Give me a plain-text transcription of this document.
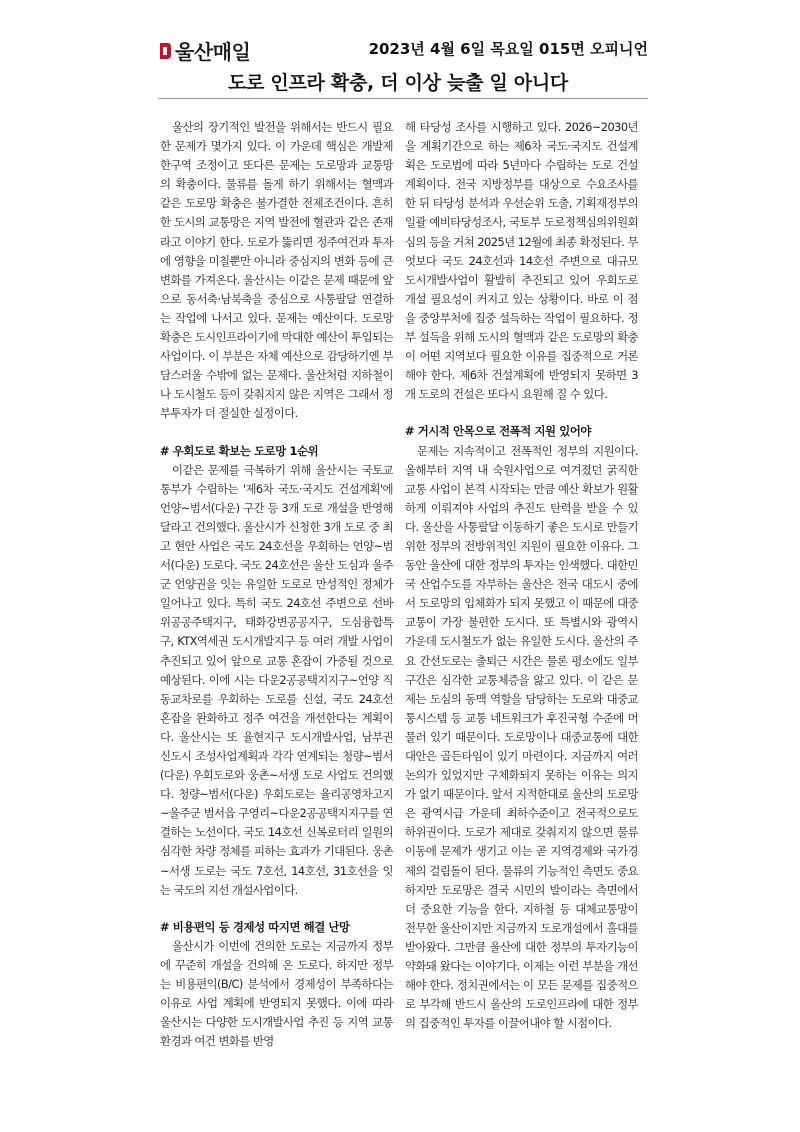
울산매일	2023년 4월 6일 목요일 015면 오피니언
도로 인프라 확충, 더 이상 늦출 일 아니다

울산의 장기적인 발전을 위해서는 반드시 필요한 문제가 몇가지 있다. 이 가운데 핵심은 개발제한구역 조정이고 또다른 문제는 도로망과 교통망의 확충이다. 물류를 돌게 하기 위해서는 혈맥과 같은 도로망 확충은 불가결한 전제조건이다. 흔히 한 도시의 교통망은 지역 발전에 혈관과 같은 존재라고 이야기 한다. 도로가 뚫리면 정주여건과 투자에 영향을 미칠뿐만 아니라 중심지의 변화 등에 큰 변화를 가져온다. 울산시는 이같은 문제 때문에 앞으로 동서축·남북축을 중심으로 사통팔달 연결하는 작업에 나서고 있다. 문제는 예산이다. 도로망 확충은 도시인프라이기에 막대한 예산이 투입되는 사업이다. 이 부분은 자체 예산으로 감당하기엔 부담스러울 수밖에 없는 문제다. 울산처럼 지하철이나 도시철도 등이 갖춰지지 않은 지역은 그래서 정부투자가 더 절실한 실정이다.

# 우회도로 확보는 도로망 1순위

이같은 문제를 극복하기 위해 울산시는 국토교통부가 수립하는 '제6차 국도·국지도 건설계획'에 언양~범서(다운) 구간 등 3개 도로 개설을 반영해 달라고 건의했다. 울산시가 신청한 3개 도로 중 최고 현안 사업은 국도 24호선을 우회하는 언양~범서(다운) 도로다. 국도 24호선은 울산 도심과 울주군 언양권을 잇는 유일한 도로로 만성적인 정체가 일어나고 있다. 특히 국도 24호선 주변으로 선바위공공주택지구, 태화강변공공지구, 도심융합특구, KTX역세권 도시개발지구 등 여러 개발 사업이 추진되고 있어 앞으로 교통 혼잡이 가중될 것으로 예상된다. 이에 시는 다운2공공택지지구~언양 직동교차로를 우회하는 도로를 신설, 국도 24호선 혼잡을 완화하고 정주 여건을 개선한다는 계획이다. 울산시는 또 율현지구 도시개발사업, 남부권 신도시 조성사업계획과 각각 연계되는 청량~범서(다운) 우회도로와 웅촌~서생 도로 사업도 건의했다. 청량~범서(다운) 우회도로는 율리공영차고지~울주군 범서읍 구영리~다운2공공택지지구를 연결하는 노선이다. 국도 14호선 신복로터리 일원의 심각한 차량 정체를 피하는 효과가 기대된다. 웅촌~서생 도로는 국도 7호선, 14호선, 31호선을 잇는 국도의 지선 개설사업이다.

# 비용편익 등 경제성 따지면 해결 난망

울산시가 이번에 건의한 도로는 지금까지 정부에 꾸준히 개설을 건의해 온 도로다. 하지만 정부는 비용편익(B/C) 분석에서 경제성이 부족하다는 이유로 사업 계획에 반영되지 못했다. 이에 따라 울산시는 다양한 도시개발사업 추진 등 지역 교통 환경과 여건 변화를 반영

해 타당성 조사를 시행하고 있다. 2026~2030년을 계획기간으로 하는 제6차 국도·국지도 건설계획은 도로법에 따라 5년마다 수립하는 도로 건설계획이다. 전국 지방정부를 대상으로 수요조사를 한 뒤 타당성 분석과 우선순위 도출, 기획재정부의 일괄 예비타당성조사, 국토부 도로정책심의위원회 심의 등을 거쳐 2025년 12월에 최종 확정된다. 무엇보다 국도 24호선과 14호선 주변으로 대규모 도시개발사업이 활발히 추진되고 있어 우회도로 개설 필요성이 커지고 있는 상황이다. 바로 이 점을 중앙부처에 집중 설득하는 작업이 필요하다. 정부 설득을 위해 도시의 혈맥과 같은 도로망의 확충이 어떤 지역보다 필요한 이유를 집중적으로 거론해야 한다. 제6차 건설계획에 반영되지 못하면 3개 도로의 건설은 또다시 요원해 질 수 있다.

# 거시적 안목으로 전폭적 지원 있어야

문제는 지속적이고 전폭적인 정부의 지원이다. 올해부터 지역 내 숙원사업으로 여겨졌던 굵직한 교통 사업이 본격 시작되는 만큼 예산 확보가 원활하게 이뤄져야 사업의 추진도 탄력을 받을 수 있다. 울산을 사통팔달 이동하기 좋은 도시로 만들기 위한 정부의 전방위적인 지원이 필요한 이유다. 그동안 울산에 대한 정부의 투자는 인색했다. 대한민국 산업수도를 자부하는 울산은 전국 대도시 중에서 도로망의 입체화가 되지 못했고 이 때문에 대중교통이 가장 불편한 도시다. 또 특별시와 광역시 가운데 도시철도가 없는 유일한 도시다. 울산의 주요 간선도로는 출퇴근 시간은 물론 평소에도 일부 구간은 심각한 교통체증을 앓고 있다. 이 같은 문제는 도심의 동맥 역할을 담당하는 도로와 대중교통시스템 등 교통 네트워크가 후진국형 수준에 머물러 있기 때문이다. 도로망이나 대중교통에 대한 대안은 골든타임이 있기 마련이다. 지금까지 여러 논의가 있었지만 구체화되지 못하는 이유는 의지가 없기 때문이다. 앞서 지적한대로 울산의 도로망은 광역시급 가운데 최하수준이고 전국적으로도 하위권이다. 도로가 제대로 갖춰지지 않으면 물류이동에 문제가 생기고 이는 곧 지역경제와 국가경제의 걸림돌이 된다. 물류의 기능적인 측면도 중요하지만 도로망은 결국 시민의 발이라는 측면에서 더 중요한 기능을 한다. 지하철 등 대체교통망이 전무한 울산이지만 지금까지 도로개설에서 홀대를 받아왔다. 그만큼 울산에 대한 정부의 투자기능이 약화돼 왔다는 이야기다. 이제는 이런 부분을 개선해야 한다. 정치권에서는 이 모든 문제를 집중적으로 부각해 반드시 울산의 도로인프라에 대한 정부의 집중적인 투자를 이끌어내야 할 시점이다.
